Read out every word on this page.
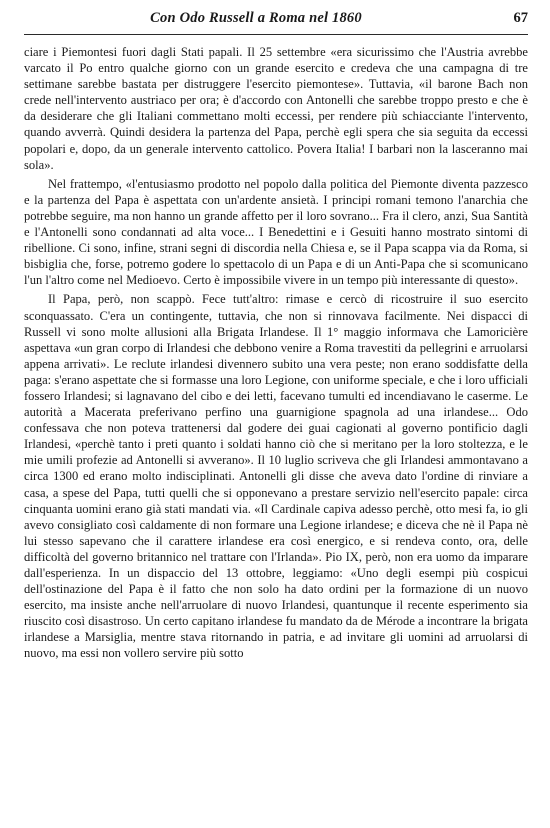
Con Odo Russell a Roma nel 1860	67

ciare i Piemontesi fuori dagli Stati papali. Il 25 settembre «era sicurissimo che l'Austria avrebbe varcato il Po entro qualche giorno con un grande esercito e credeva che una campagna di tre settimane sarebbe bastata per distruggere l'esercito piemontese». Tuttavia, «il barone Bach non crede nell'intervento austriaco per ora; è d'accordo con Antonelli che sarebbe troppo presto e che è da desiderare che gli Italiani commettano molti eccessi, per rendere più schiacciante l'intervento, quando avverrà. Quindi desidera la partenza del Papa, perchè egli spera che sia seguita da eccessi popolari e, dopo, da un generale intervento cattolico. Povera Italia! I barbari non la lasceranno mai sola».

Nel frattempo, «l'entusiasmo prodotto nel popolo dalla politica del Piemonte diventa pazzesco e la partenza del Papa è aspettata con un'ardente ansietà. I principi romani temono l'anarchia che potrebbe seguire, ma non hanno un grande affetto per il loro sovrano... Fra il clero, anzi, Sua Santità e l'Antonelli sono condannati ad alta voce... I Benedettini e i Gesuiti hanno mostrato sintomi di ribellione. Ci sono, infine, strani segni di discordia nella Chiesa e, se il Papa scappa via da Roma, si bisbiglia che, forse, potremo godere lo spettacolo di un Papa e di un Anti-Papa che si scomunicano l'un l'altro come nel Medioevo. Certo è impossibile vivere in un tempo più interessante di questo».

Il Papa, però, non scappò. Fece tutt'altro: rimase e cercò di ricostruire il suo esercito sconquassato. C'era un contingente, tuttavia, che non si rinnovava facilmente. Nei dispacci di Russell vi sono molte allusioni alla Brigata Irlandese. Il 1° maggio informava che Lamoricière aspettava «un gran corpo di Irlandesi che debbono venire a Roma travestiti da pellegrini e arruolarsi appena arrivati». Le reclute irlandesi divennero subito una vera peste; non erano soddisfatte della paga: s'erano aspettate che si formasse una loro Legione, con uniforme speciale, e che i loro ufficiali fossero Irlandesi; si lagnavano del cibo e dei letti, facevano tumulti ed incendiavano le caserme. Le autorità a Macerata preferivano perfino una guarnigione spagnola ad una irlandese... Odo confessava che non poteva trattenersi dal godere dei guai cagionati al governo pontificio dagli Irlandesi, «perchè tanto i preti quanto i soldati hanno ciò che si meritano per la loro stoltezza, e le mie umili profezie ad Antonelli si avverano». Il 10 luglio scriveva che gli Irlandesi ammontavano a circa 1300 ed erano molto indisciplinati. Antonelli gli disse che aveva dato l'ordine di rinviare a casa, a spese del Papa, tutti quelli che si opponevano a prestare servizio nell'esercito papale: circa cinquanta uomini erano già stati mandati via. «Il Cardinale capiva adesso perchè, otto mesi fa, io gli avevo consigliato così caldamente di non formare una Legione irlandese; e diceva che nè il Papa nè lui stesso sapevano che il carattere irlandese era così energico, e si rendeva conto, ora, delle difficoltà del governo britannico nel trattare con l'Irlanda». Pio IX, però, non era uomo da imparare dall'esperienza. In un dispaccio del 13 ottobre, leggiamo: «Uno degli esempi più cospicui dell'ostinazione del Papa è il fatto che non solo ha dato ordini per la formazione di un nuovo esercito, ma insiste anche nell'arruolare di nuovo Irlandesi, quantunque il recente esperimento sia riuscito così disastroso. Un certo capitano irlandese fu mandato da de Mérode a incontrare la brigata irlandese a Marsiglia, mentre stava ritornando in patria, e ad invitare gli uomini ad arruolarsi di nuovo, ma essi non vollero servire più sotto
